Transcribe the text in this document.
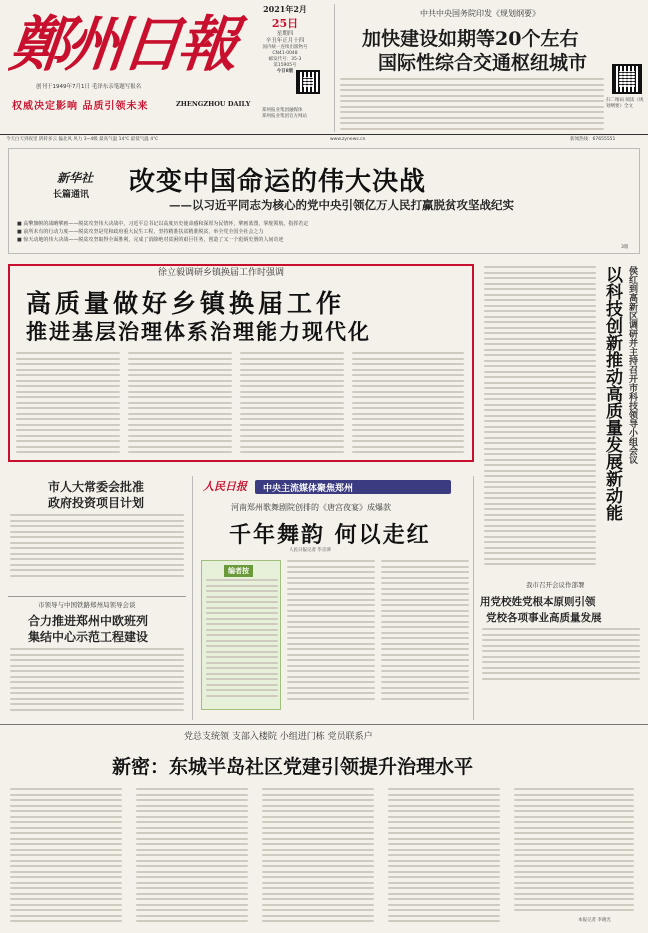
鄭州日報
创刊于1949年7月1日 毛泽东亲笔题写报名
权威决定影响 品质引领未来	ZHENGZHOU DAILY
2021年2月
25日
星期四
辛丑年正月十四
国内统一连续出版物号
CN41-0048
邮发代号：35-3
第15905号
今日8版
郑州报业集团融媒体
郑州报业集团官方网站
中共中央国务院印发《规划纲要》
加快建设如期等20个左右
国际性综合交通枢纽城市
扫二维码 阅读《规划纲要》全文
今天白天到夜里 阴转多云 偏北风 风力 3~4级 最高气温 14℃ 最低气温 4℃	www.zynews.cn	新闻热线：67655551
新华社
长篇通讯 改变中国命运的伟大决战
——以习近平同志为核心的党中央引领亿万人民打赢脱贫攻坚战纪实
■ 高擎旗帜的战略擘画——脱贫攻坚伟大决战中，习近平总书记以高度历史使命感和深厚为民情怀，擘画蓝图，掌舵领航，指挥若定
■ 前所未有的行动力度——脱贫攻坚是党和政府重大民生工程，坚持精准扶贫精准脱贫，举全党全国全社会之力
■ 惊天动地的伟大决战——脱贫攻坚取得全面胜利，完成了消除绝对贫困的艰巨任务，创造了又一个彪炳史册的人间奇迹
3版
徐立毅调研乡镇换届工作时强调
高质量做好乡镇换届工作
推进基层治理体系治理能力现代化	以科技创新推动高质量发展新动能 侯红到高新区调研并主持召开市科技领导小组会议
市人大常委会批准
政府投资项目计划
市领导与中国铁路郑州局领导会谈
合力推进郑州中欧班列
集结中心示范工程建设
人民日报 中央主流媒体聚焦郑州
河南郑州歌舞剧院创排的《唐宫夜宴》成爆款
千年舞韵 何以走红
人民日报记者 毕京津
编者按
我市召开会议作部署
用党校姓党根本原则引领
党校各项事业高质量发展
党总支统领 支部入楼院 小组进门栋 党员联系户
新密：东城半岛社区党建引领提升治理水平
本报记者 李晓光
